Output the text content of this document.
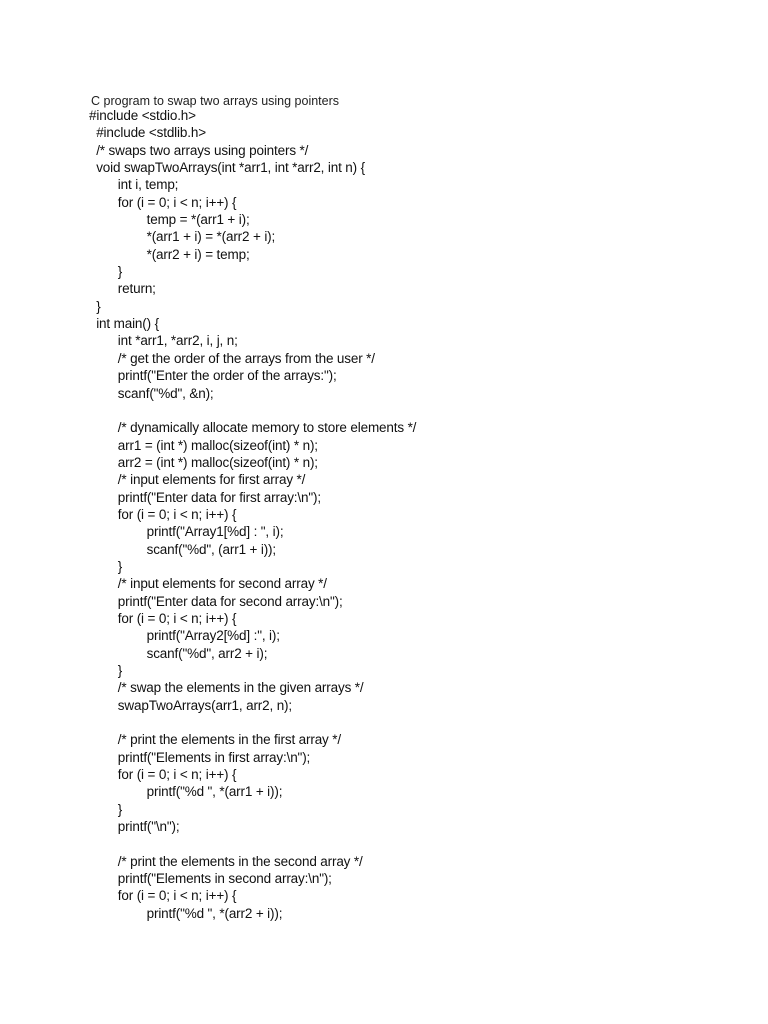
C program to swap two arrays using pointers

#include <stdio.h>
#include <stdlib.h>
/* swaps two arrays using pointers */
void swapTwoArrays(int *arr1, int *arr2, int n) {
int i, temp;
for (i = 0; i < n; i++) {
temp = *(arr1 + i);
*(arr1 + i) = *(arr2 + i);
*(arr2 + i) = temp;
}
return;
}
int main() {
int *arr1, *arr2, i, j, n;
/* get the order of the arrays from the user */
printf("Enter the order of the arrays:");
scanf("%d", &n);

/* dynamically allocate memory to store elements */
arr1 = (int *) malloc(sizeof(int) * n);
arr2 = (int *) malloc(sizeof(int) * n);
/* input elements for first array */
printf("Enter data for first array:\n");
for (i = 0; i < n; i++) {
printf("Array1[%d] : ", i);
scanf("%d", (arr1 + i));
}
/* input elements for second array */
printf("Enter data for second array:\n");
for (i = 0; i < n; i++) {
printf("Array2[%d] :", i);
scanf("%d", arr2 + i);
}
/* swap the elements in the given arrays */
swapTwoArrays(arr1, arr2, n);

/* print the elements in the first array */
printf("Elements in first array:\n");
for (i = 0; i < n; i++) {
printf("%d ", *(arr1 + i));
}
printf("\n");

/* print the elements in the second array */
printf("Elements in second array:\n");
for (i = 0; i < n; i++) {
printf("%d ", *(arr2 + i));
